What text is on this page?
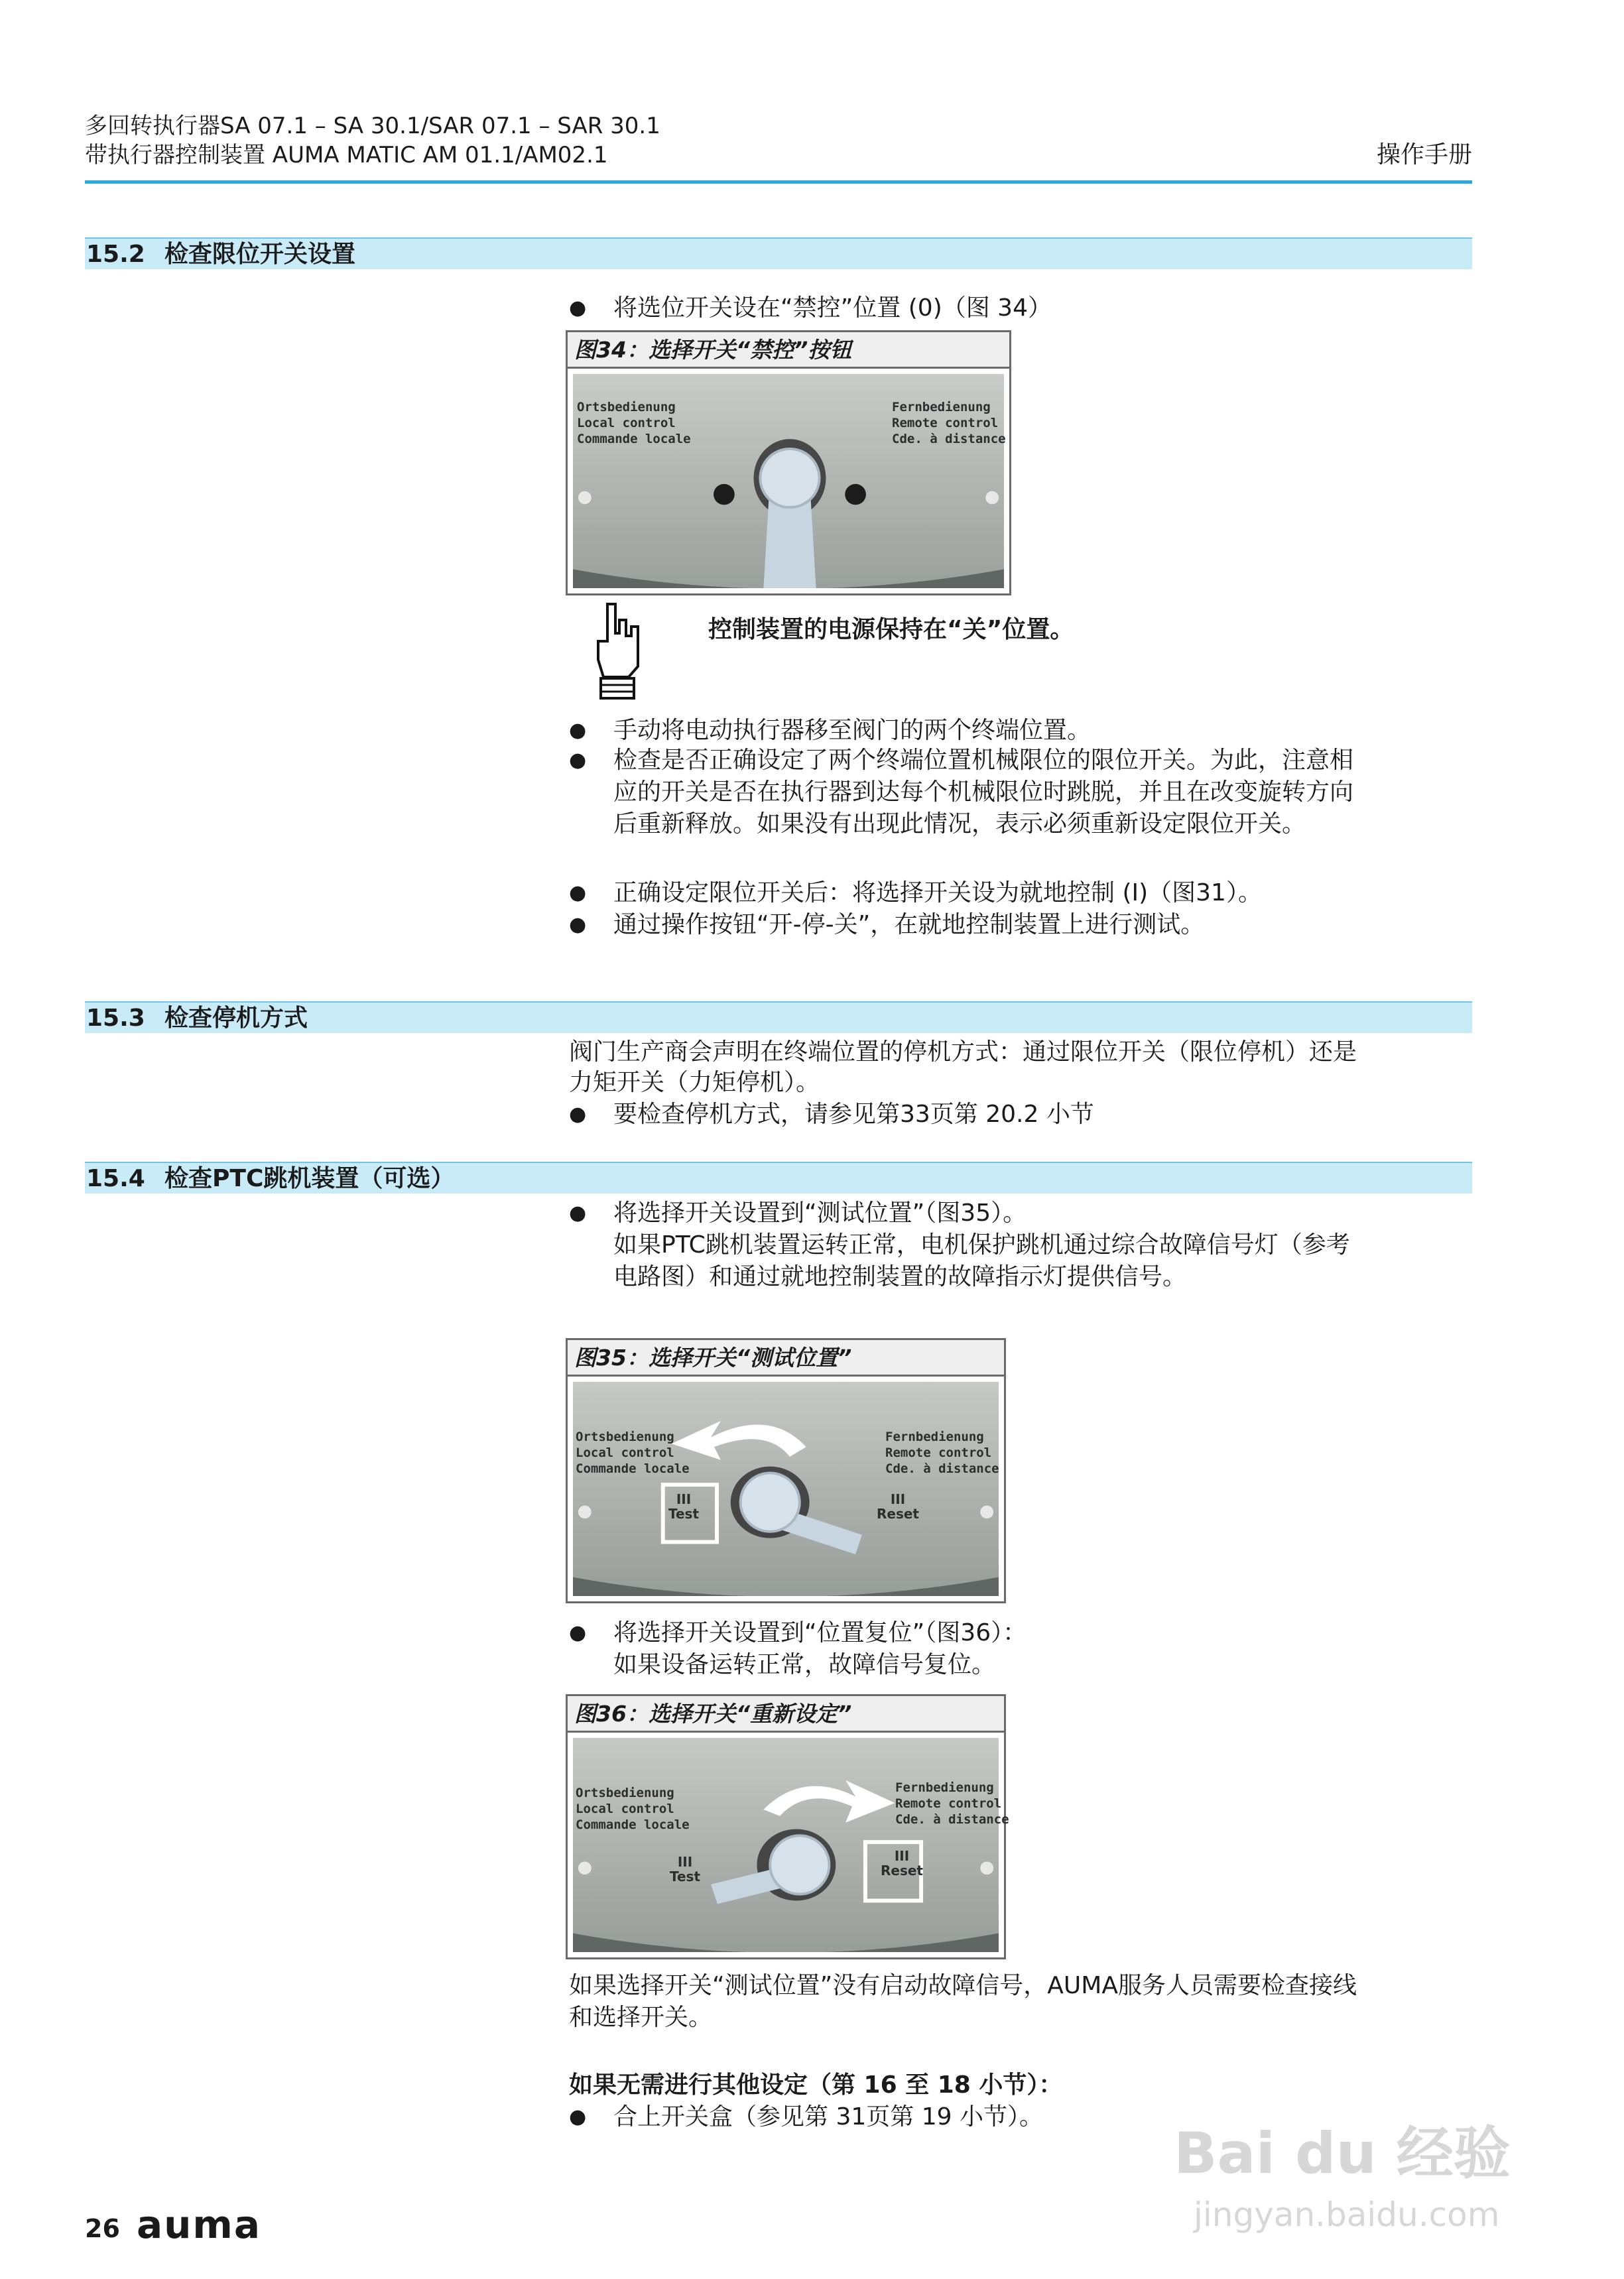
多回转执行器SA 07.1 – SA 30.1/SAR 07.1 – SAR 30.1
带执行器控制装置 AUMA MATIC AM 01.1/AM02.1	操作手册
15.2 检查限位开关设置
● 将选位开关设在“禁控”位置 (0)（图 34）
图34：选择开关“禁控”按钮
Ortsbedienung
Local control
Commande locale
Fernbedienung
Remote control
Cde. à distance
控制装置的电源保持在“关”位置。
● 手动将电动执行器移至阀门的两个终端位置。
● 检查是否正确设定了两个终端位置机械限位的限位开关。为此，注意相
应的开关是否在执行器到达每个机械限位时跳脱，并且在改变旋转方向
后重新释放。如果没有出现此情况，表示必须重新设定限位开关。
● 正确设定限位开关后：将选择开关设为就地控制 (I)（图31）。
● 通过操作按钮“开-停-关”，在就地控制装置上进行测试。
15.3 检查停机方式
阀门生产商会声明在终端位置的停机方式：通过限位开关（限位停机）还是
力矩开关（力矩停机）。
● 要检查停机方式，请参见第33页第 20.2 小节
15.4 检查PTC跳机装置（可选）
● 将选择开关设置到“测试位置”（图35）。
如果PTC跳机装置运转正常，电机保护跳机通过综合故障信号灯（参考
电路图）和通过就地控制装置的故障指示灯提供信号。
图35：选择开关“测试位置”
Ortsbedienung
Local control
Commande locale
Fernbedienung
Remote control
Cde. à distance
III
Test
III
Reset
● 将选择开关设置到“位置复位”（图36）：
如果设备运转正常，故障信号复位。
图36：选择开关“重新设定”
Ortsbedienung
Local control
Commande locale
Fernbedienung
Remote control
Cde. à distance
III
Test
III
Reset
如果选择开关“测试位置”没有启动故障信号，AUMA服务人员需要检查接线
和选择开关。
如果无需进行其他设定（第 16 至 18 小节）：
● 合上开关盒（参见第 31页第 19 小节）。
26 auma
Bai du 经验
jingyan.baidu.com
